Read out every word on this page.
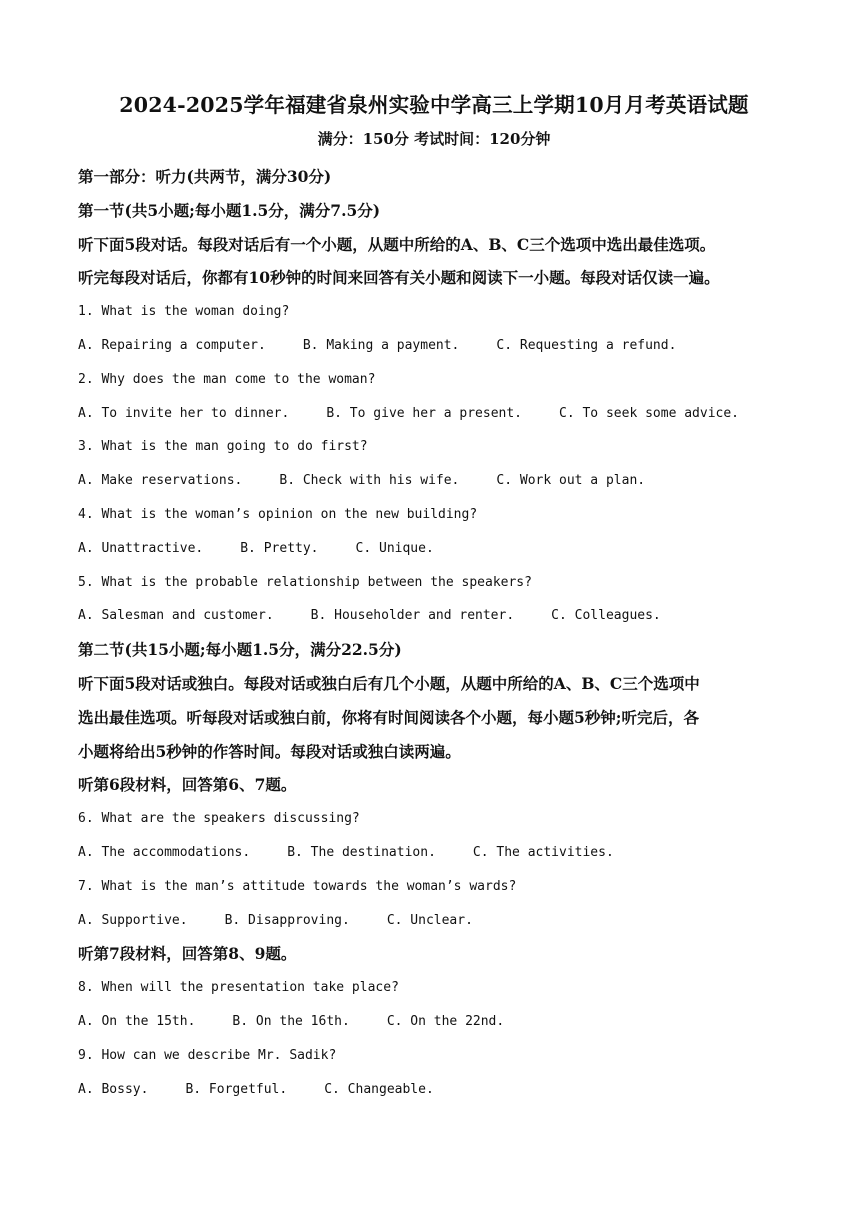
2024-2025学年福建省泉州实验中学高三上学期10月月考英语试题
满分：150分 考试时间：120分钟

第一部分：听力(共两节，满分30分)

第一节(共5小题;每小题1.5分，满分7.5分)

听下面5段对话。每段对话后有一个小题，从题中所给的A、B、C三个选项中选出最佳选项。

听完每段对话后，你都有10秒钟的时间来回答有关小题和阅读下一小题。每段对话仅读一遍。

1. What is the woman doing?

A. Repairing a computer.	B. Making a payment.	C. Requesting a refund.

2. Why does the man come to the woman?

A. To invite her to dinner.	B. To give her a present.	C. To seek some advice.

3. What is the man going to do first?

A. Make reservations.	B. Check with his wife.	C. Work out a plan.

4. What is the woman’s opinion on the new building?

A. Unattractive.	B. Pretty.	C. Unique.

5. What is the probable relationship between the speakers?

A. Salesman and customer.	B. Householder and renter.	C. Colleagues.

第二节(共15小题;每小题1.5分，满分22.5分)

听下面5段对话或独白。每段对话或独白后有几个小题，从题中所给的A、B、C三个选项中

选出最佳选项。听每段对话或独白前，你将有时间阅读各个小题，每小题5秒钟;听完后，各

小题将给出5秒钟的作答时间。每段对话或独白读两遍。

听第6段材料，回答第6、7题。

6. What are the speakers discussing?

A. The accommodations.	B. The destination.	C. The activities.

7. What is the man’s attitude towards the woman’s wards?

A. Supportive.	B. Disapproving.	C. Unclear.

听第7段材料，回答第8、9题。

8. When will the presentation take place?

A. On the 15th.	B. On the 16th.	C. On the 22nd.

9. How can we describe Mr. Sadik?

A. Bossy.	B. Forgetful.	C. Changeable.
